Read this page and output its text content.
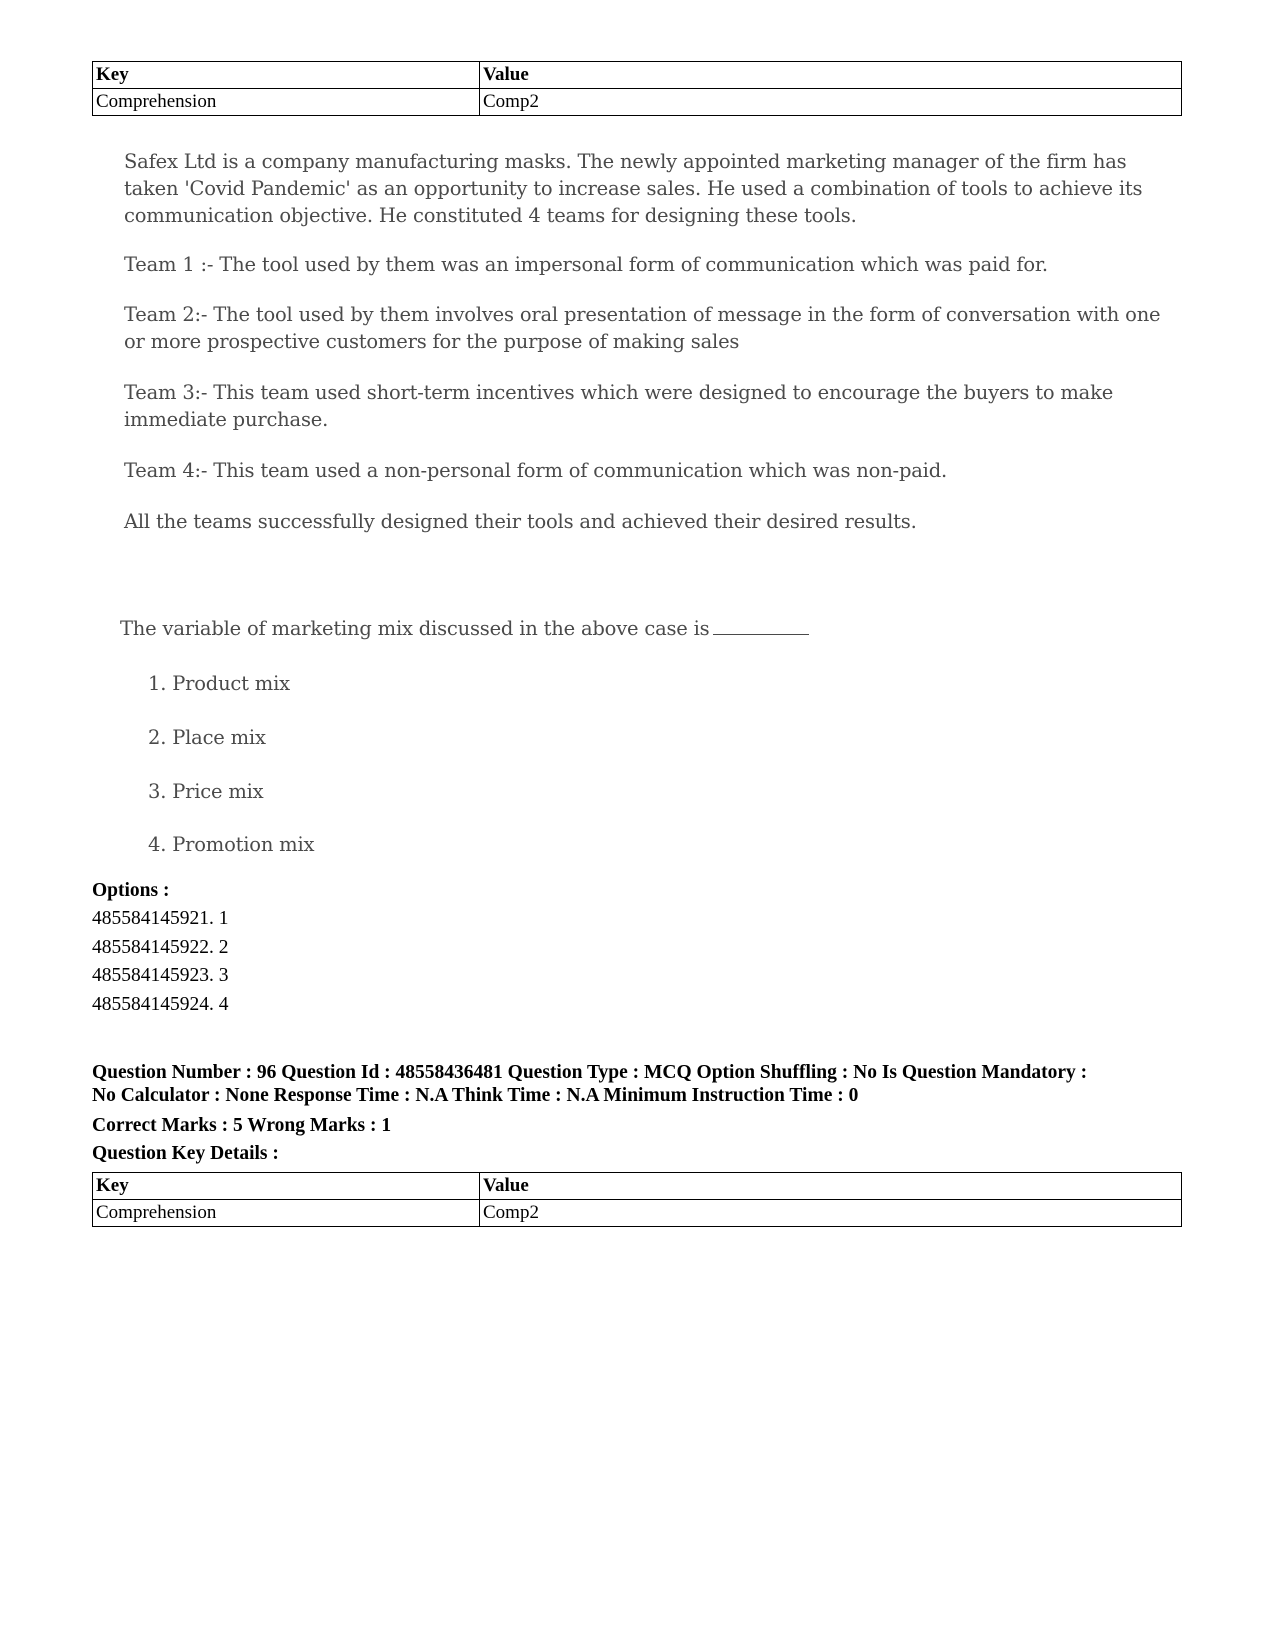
Key	Value
Comprehension	Comp2

Safex Ltd is a company manufacturing masks. The newly appointed marketing manager of the firm has taken 'Covid Pandemic' as an opportunity to increase sales. He used a combination of tools to achieve its communication objective. He constituted 4 teams for designing these tools.

Team 1 :- The tool used by them was an impersonal form of communication which was paid for.

Team 2:- The tool used by them involves oral presentation of message in the form of conversation with one or more prospective customers for the purpose of making sales

Team 3:- This team used short-term incentives which were designed to encourage the buyers to make immediate purchase.

Team 4:- This team used a non-personal form of communication which was non-paid.

All the teams successfully designed their tools and achieved their desired results.

The variable of marketing mix discussed in the above case is

1. Product mix

2. Place mix

3. Price mix

4. Promotion mix

Options :
485584145921. 1
485584145922. 2
485584145923. 3
485584145924. 4
Question Number : 96 Question Id : 48558436481 Question Type : MCQ Option Shuffling : No Is Question Mandatory :
No Calculator : None Response Time : N.A Think Time : N.A Minimum Instruction Time : 0
Correct Marks : 5 Wrong Marks : 1
Question Key Details :
Key	Value
Comprehension	Comp2
